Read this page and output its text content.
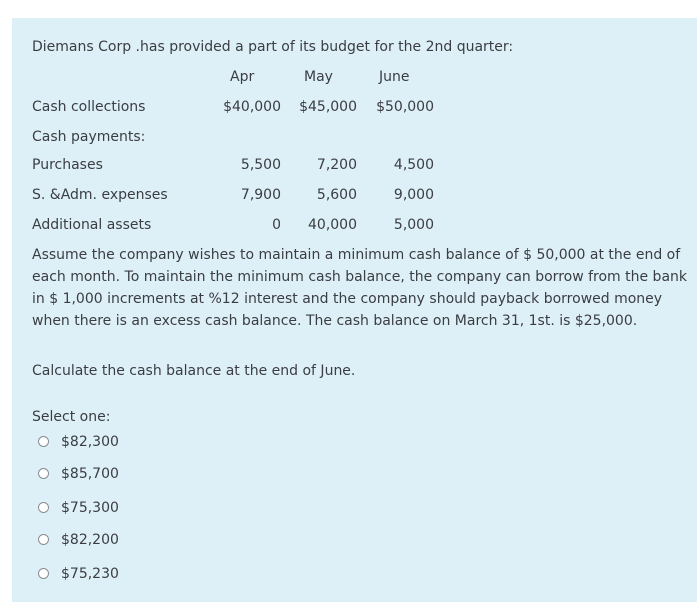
Diemans Corp .has provided a part of its budget for the 2nd quarter:
Apr	May	June
Cash collections	$40,000	$45,000	$50,000
Cash payments:
Purchases	5,500	7,200	4,500
S. &Adm. expenses	7,900	5,600	9,000
Additional assets	0	40,000	5,000
Assume the company wishes to maintain a minimum cash balance of $ 50,000 at the end of each month. To maintain the minimum cash balance, the company can borrow from the bank in $ 1,000 increments at %12 interest and the company should payback borrowed money when there is an excess cash balance. The cash balance on March 31, 1st. is $25,000.
Calculate the cash balance at the end of June.
Select one:
$82,300
$85,700
$75,300
$82,200
$75,230
